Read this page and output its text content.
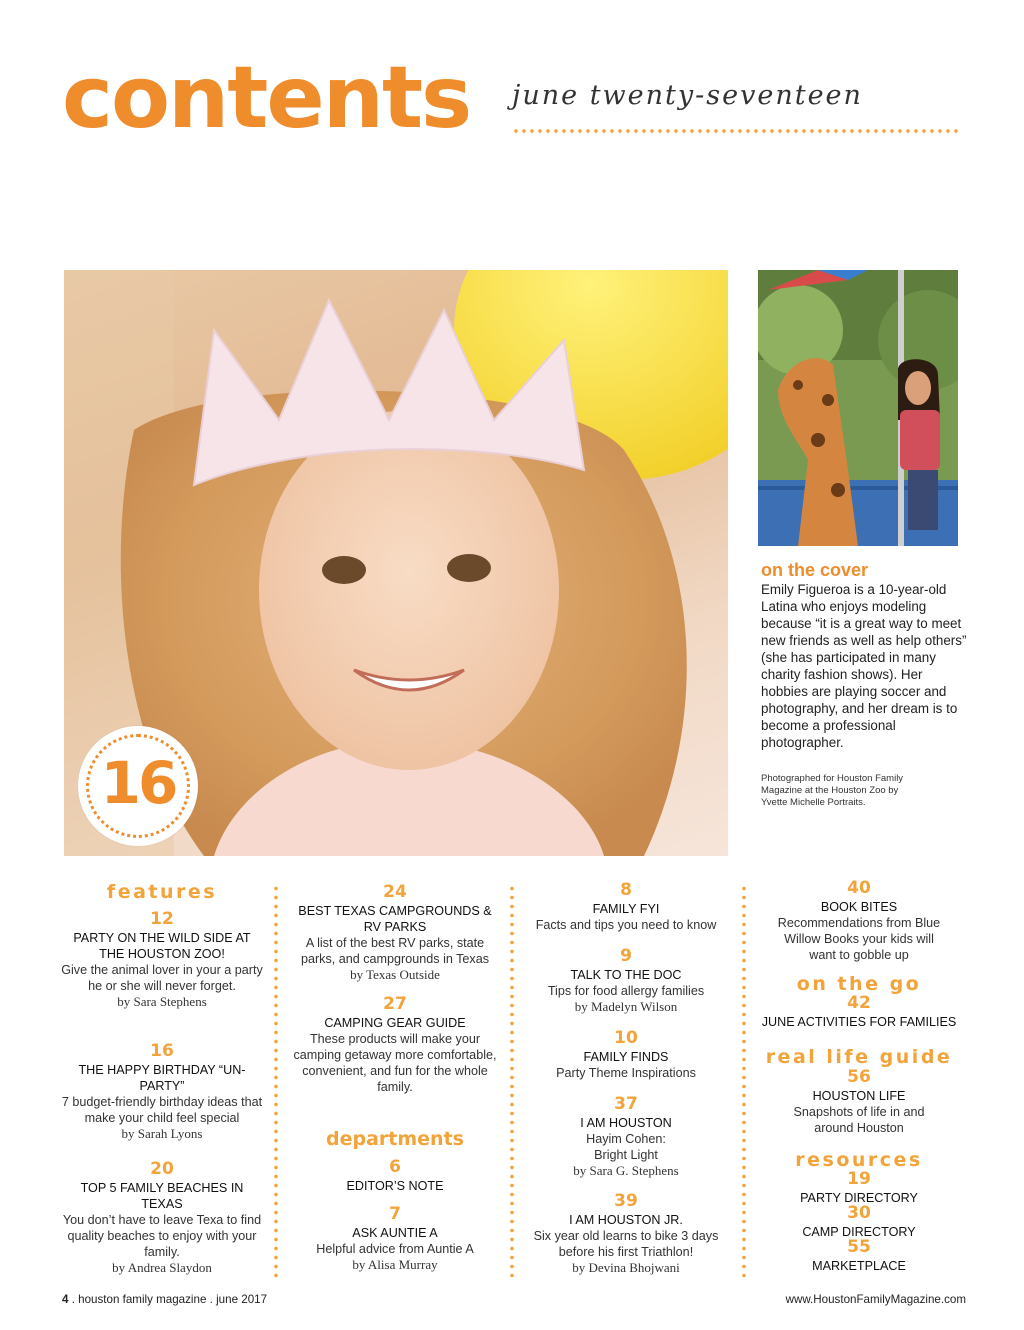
contents june twenty-seventeen
16
on the cover
Emily Figueroa is a 10-year-old Latina who enjoys modeling because “it is a great way to meet new friends as well as help others” (she has participated in many charity fashion shows). Her hobbies are playing soccer and photography, and her dream is to become a professional photographer.
Photographed for Houston Family Magazine at the Houston Zoo by Yvette Michelle Portraits.
features
12
PARTY ON THE WILD SIDE AT THE HOUSTON ZOO!
Give the animal lover in your a party he or she will never forget.
by Sara Stephens
16
THE HAPPY BIRTHDAY “UN-PARTY”
7 budget-friendly birthday ideas that make your child feel special
by Sarah Lyons
20
TOP 5 FAMILY BEACHES IN TEXAS
You don’t have to leave Texa to find quality beaches to enjoy with your family.
by Andrea Slaydon
24
BEST TEXAS CAMPGROUNDS & RV PARKS
A list of the best RV parks, state parks, and campgrounds in Texas
by Texas Outside
27
CAMPING GEAR GUIDE
These products will make your camping getaway more comfortable, convenient, and fun for the whole family.
departments
6
EDITOR’S NOTE
7
ASK AUNTIE A
Helpful advice from Auntie A
by Alisa Murray
8
FAMILY FYI
Facts and tips you need to know
9
TALK TO THE DOC
Tips for food allergy families
by Madelyn Wilson
10
FAMILY FINDS
Party Theme Inspirations
37
I AM HOUSTON
Hayim Cohen: Bright Light
by Sara G. Stephens
39
I AM HOUSTON JR.
Six year old learns to bike 3 days before his first Triathlon!
by Devina Bhojwani
40
BOOK BITES
Recommendations from Blue Willow Books your kids will want to gobble up
on the go
42
JUNE ACTIVITIES FOR FAMILIES
real life guide
56
HOUSTON LIFE
Snapshots of life in and around Houston
resources
19
PARTY DIRECTORY
30
CAMP DIRECTORY
55
MARKETPLACE
4 . houston family magazine . june 2017	www.HoustonFamilyMagazine.com
